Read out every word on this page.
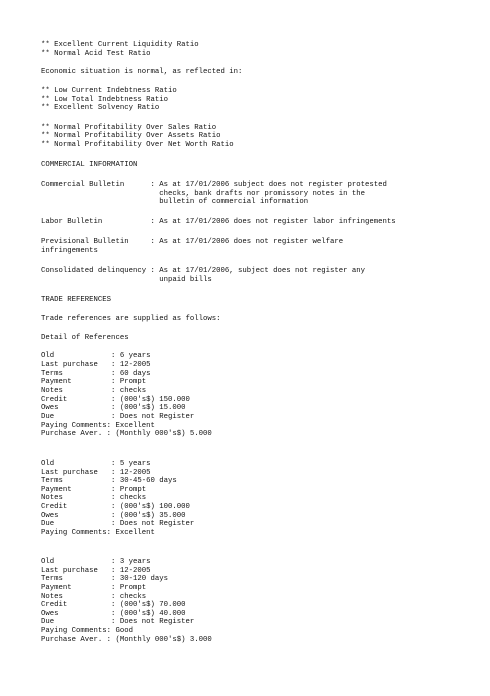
** Excellent Current Liquidity Ratio
** Normal Acid Test Ratio
Economic situation is normal, as reflected in:
** Low Current Indebtness Ratio
** Low Total Indebtness Ratio
** Excellent Solvency Ratio
** Normal Profitability Over Sales Ratio
** Normal Profitability Over Assets Ratio
** Normal Profitability Over Net Worth Ratio
COMMERCIAL INFORMATION
Commercial Bulletin      : As at 17/01/2006 subject does not register protested
checks, bank drafts nor promissory notes in the
bulletin of commercial information
Labor Bulletin           : As at 17/01/2006 does not register labor infringements
Previsional Bulletin     : As at 17/01/2006 does not register welfare
infringements
Consolidated delinquency : As at 17/01/2006, subject does not register any
unpaid bills
TRADE REFERENCES
Trade references are supplied as follows:
Detail of References
Old             : 6 years
Last purchase   : 12-2005
Terms           : 60 days
Payment         : Prompt
Notes           : checks
Credit          : (000's$) 150.000
Owes            : (000's$) 15.000
Due             : Does not Register
Paying Comments: Excellent
Purchase Aver. : (Monthly 000's$) 5.000
Old             : 5 years
Last purchase   : 12-2005
Terms           : 30-45-60 days
Payment         : Prompt
Notes           : checks
Credit          : (000's$) 100.000
Owes            : (000's$) 35.000
Due             : Does not Register
Paying Comments: Excellent
Old             : 3 years
Last purchase   : 12-2005
Terms           : 30-120 days
Payment         : Prompt
Notes           : checks
Credit          : (000's$) 70.000
Owes            : (000's$) 40.000
Due             : Does not Register
Paying Comments: Good
Purchase Aver. : (Monthly 000's$) 3.000
